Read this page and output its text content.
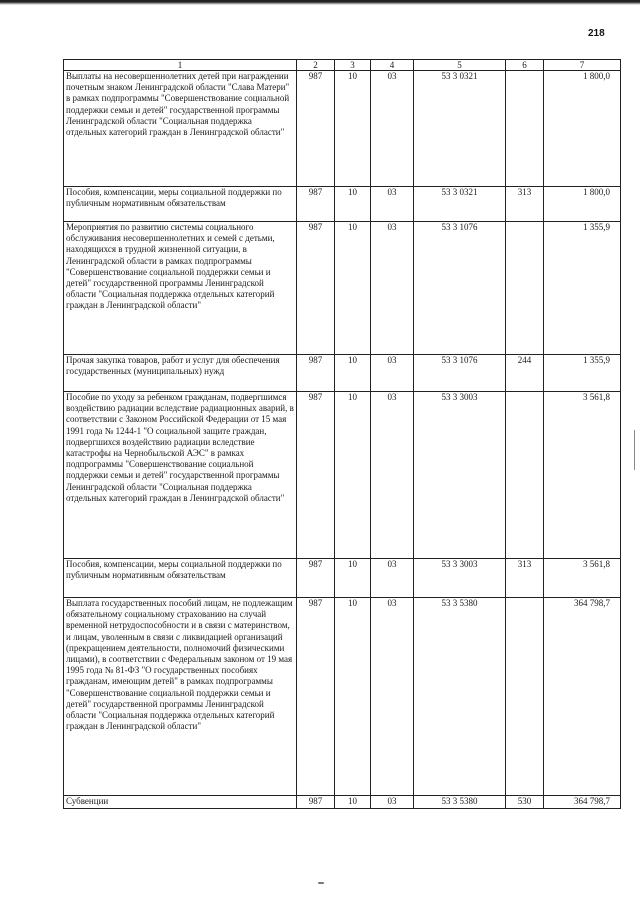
218
1	2	3	4	5	6	7
Выплаты на несовершеннолетних детей при награждении почетным знаком Ленинградской области "Слава Матери" в рамках подпрограммы "Совершенствование социальной поддержки семьи и детей" государственной программы Ленинградской области "Социальная поддержка отдельных категорий граждан в Ленинградской области"	987	10	03	53 3 0321		1 800,0
Пособия, компенсации, меры социальной поддержки по публичным нормативным обязательствам	987	10	03	53 3 0321	313	1 800,0
Мероприятия по развитию системы социального обслуживания несовершеннолетних и семей с детьми, находящихся в трудной жизненной ситуации, в Ленинградской области в рамках подпрограммы "Совершенствование социальной поддержки семьи и детей" государственной программы Ленинградской области "Социальная поддержка отдельных категорий граждан в Ленинградской области"	987	10	03	53 3 1076		1 355,9
Прочая закупка товаров, работ и услуг для обеспечения государственных (муниципальных) нужд	987	10	03	53 3 1076	244	1 355,9
Пособие по уходу за ребенком гражданам, подвергшимся воздействию радиации вследствие радиационных аварий, в соответствии с Законом Российской Федерации от 15 мая 1991 года № 1244-1 "О социальной защите граждан, подвергшихся воздействию радиации вследствие катастрофы на Чернобыльской АЭС" в рамках подпрограммы "Совершенствование социальной поддержки семьи и детей" государственной программы Ленинградской области "Социальная поддержка отдельных категорий граждан в Ленинградской области"	987	10	03	53 3 3003		3 561,8
Пособия, компенсации, меры социальной поддержки по публичным нормативным обязательствам	987	10	03	53 3 3003	313	3 561,8
Выплата государственных пособий лицам, не подлежащим обязательному социальному страхованию на случай временной нетрудоспособности и в связи с материнством, и лицам, уволенным в связи с ликвидацией организаций (прекращением деятельности, полномочий физическими лицами), в соответствии с Федеральным законом от 19 мая 1995 года № 81-ФЗ "О государственных пособиях гражданам, имеющим детей" в рамках подпрограммы "Совершенствование социальной поддержки семьи и детей" государственной программы Ленинградской области "Социальная поддержка отдельных категорий граждан в Ленинградской области"	987	10	03	53 3 5380		364 798,7
Субвенции	987	10	03	53 3 5380	530	364 798,7
